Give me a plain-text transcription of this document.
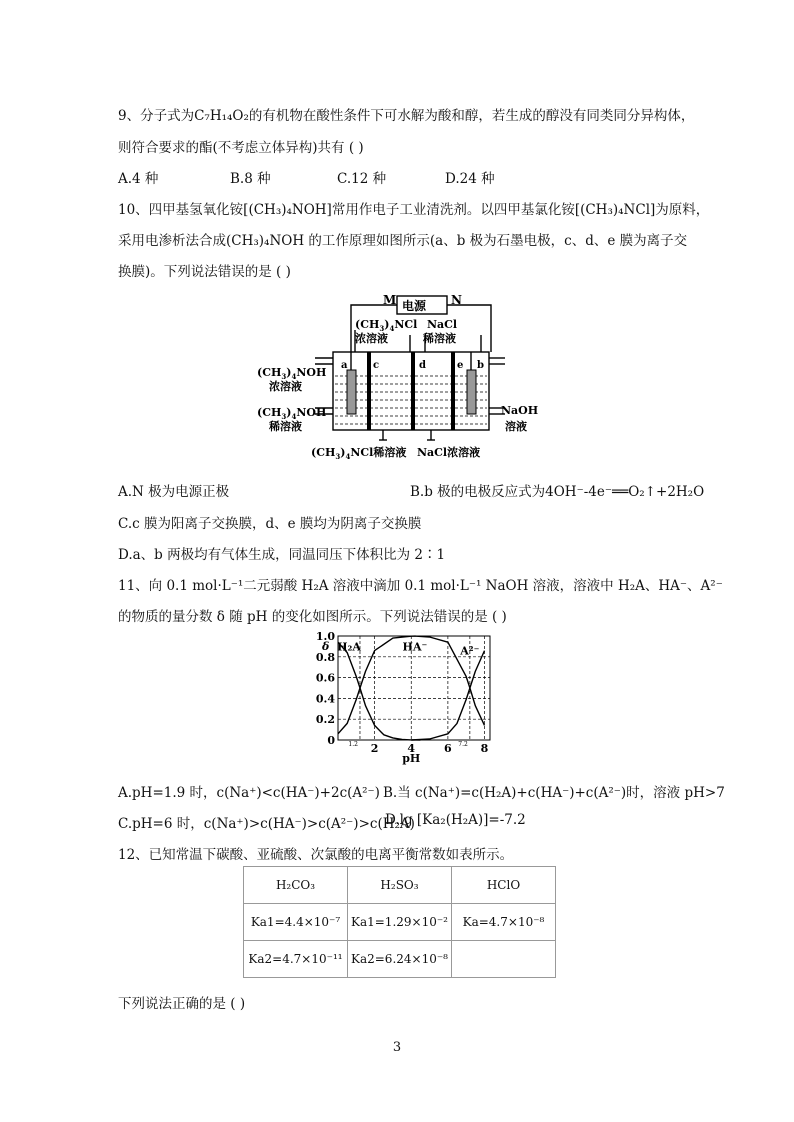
9、分子式为C₇H₁₄O₂的有机物在酸性条件下可水解为酸和醇，若生成的醇没有同类同分异构体，
则符合要求的酯(不考虑立体异构)共有 ( )
A.4 种	B.8 种	C.12 种	D.24 种
10、四甲基氢氧化铵[(CH₃)₄NOH]常用作电子工业清洗剂。以四甲基氯化铵[(CH₃)₄NCl]为原料，
采用电渗析法合成(CH₃)₄NOH 的工作原理如图所示(a、b 极为石墨电极，c、d、e 膜为离子交
换膜)。下列说法错误的是 ( )
M	N
电源
$(CH_3)_4NCl$
浓溶液
NaCl
稀溶液
a	c	d	e b
$(CH_3)_4NOH$
浓溶液
$(CH_3)_4NOH$
稀溶液
NaOH
溶液
$(CH_3)_4NCl$稀溶液 NaCl浓溶液
A.N 极为电源正极	B.b 极的电极反应式为4OH⁻-4e⁻══O₂↑+2H₂O
C.c 膜为阳离子交换膜，d、e 膜均为阴离子交换膜
D.a、b 两极均有气体生成，同温同压下体积比为 2∶1
11、向 0.1 mol·L⁻¹二元弱酸 H₂A 溶液中滴加 0.1 mol·L⁻¹ NaOH 溶液，溶液中 H₂A、HA⁻、A²⁻
的物质的量分数 δ 随 pH 的变化如图所示。下列说法错误的是 ( )
0
0.2
0.4
0.6
0.8
1.0
2	4	6	8
1.2	7.2
δ
pH
H₂A	HA⁻	A²⁻
A.pH=1.9 时，c(Na⁺)<c(HA⁻)+2c(A²⁻) B.当 c(Na⁺)=c(H₂A)+c(HA⁻)+c(A²⁻)时，溶液 pH>7
C.pH=6 时，c(Na⁺)>c(HA⁻)>c(A²⁻)>c(H₂A)
D.lg [Ka₂(H₂A)]=-7.2
12、已知常温下碳酸、亚硫酸、次氯酸的电离平衡常数如表所示。
H₂CO₃	H₂SO₃	HClO
Ka1=4.4×10⁻⁷	Ka1=1.29×10⁻²	Ka=4.7×10⁻⁸
Ka2=4.7×10⁻¹¹	Ka2=6.24×10⁻⁸	
下列说法正确的是 ( )
3
